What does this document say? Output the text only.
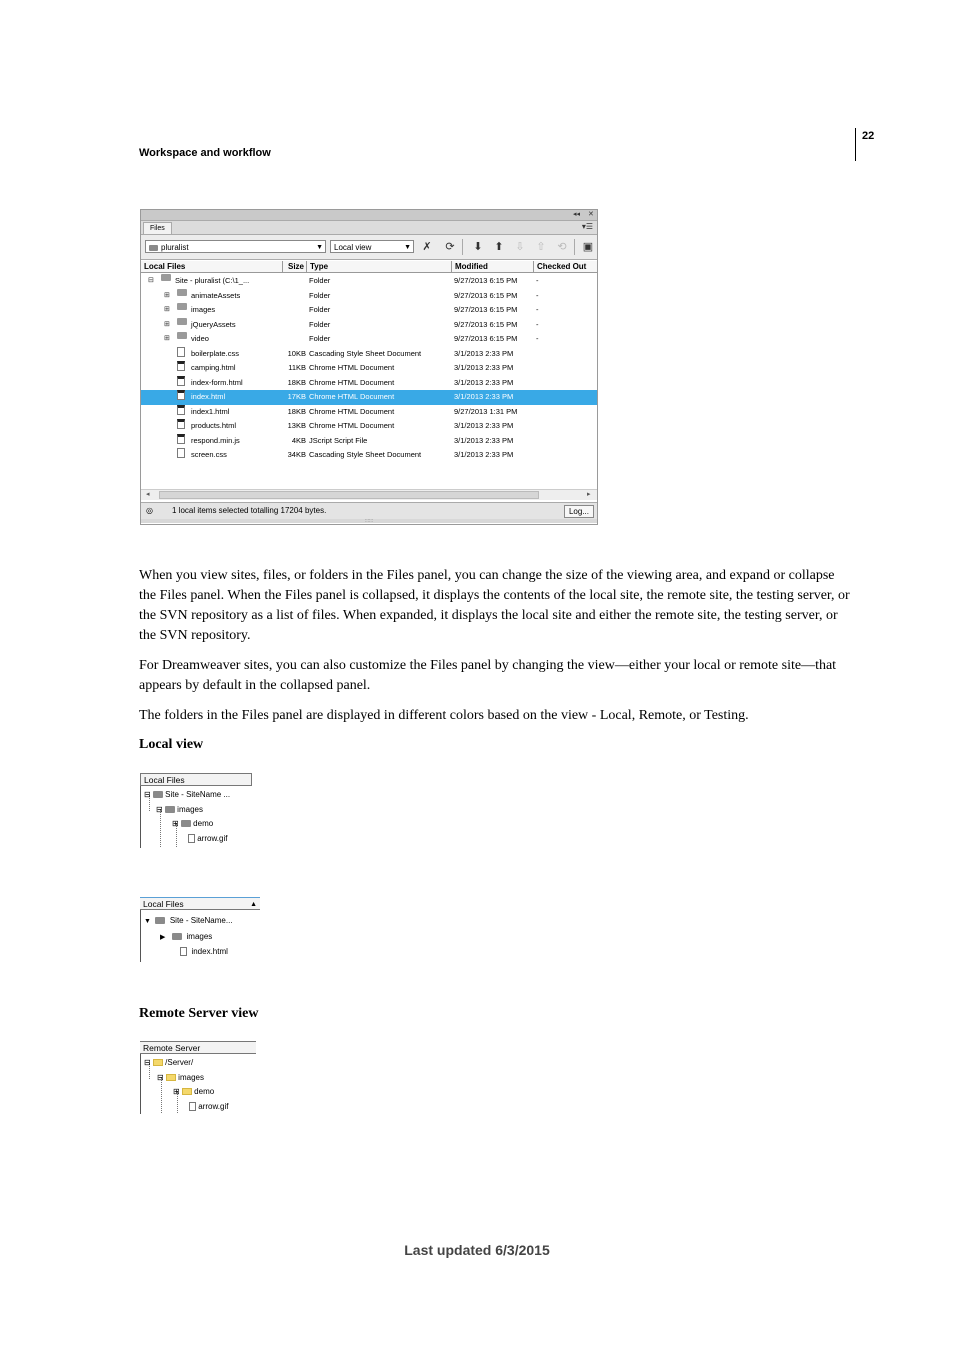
22
Workspace and workflow
◂◂ ✕
Files	▾☰
pluralist	▼	Local view	▼ ✗ ⟳ ⬇ ⬆ ⇩ ⇧ ⟲ ▣
Local Files	Size Type	Modified	Checked Out
⊟	Site - pluralist (C:\1_...	Folder	9/27/2013 6:15 PM -
⊞	animateAssets	Folder	9/27/2013 6:15 PM -
⊞	images	Folder	9/27/2013 6:15 PM -
⊞	jQueryAssets	Folder	9/27/2013 6:15 PM -
⊞	video	Folder	9/27/2013 6:15 PM -
boilerplate.css	10KB Cascading Style Sheet Document	3/1/2013 2:33 PM
camping.html	11KB Chrome HTML Document	3/1/2013 2:33 PM
index-form.html	18KB Chrome HTML Document	3/1/2013 2:33 PM
index.html	17KB Chrome HTML Document	3/1/2013 2:33 PM
index1.html	18KB Chrome HTML Document	9/27/2013 1:31 PM
products.html	13KB Chrome HTML Document	3/1/2013 2:33 PM
respond.min.js	4KB JScript Script File	3/1/2013 2:33 PM
screen.css	34KB Cascading Style Sheet Document	3/1/2013 2:33 PM
◂	▸
◎ 1 local items selected totalling 17204 bytes.	Log...
::::::
When you view sites, files, or folders in the Files panel, you can change the size of the viewing area, and expand or collapse the Files panel. When the Files panel is collapsed, it displays the contents of the local site, the remote site, the testing server, or the SVN repository as a list of files. When expanded, it displays the local site and either the remote site, the testing server, or the SVN repository.
For Dreamweaver sites, you can also customize the Files panel by changing the view—either your local or remote site—that appears by default in the collapsed panel.
The folders in the Files panel are displayed in different colors based on the view - Local, Remote, or Testing.
Local view
Local Files
⊟  Site - SiteName ...
⊟  images
⊞  demo
arrow.gif
Local Files	▲
▼ Site - SiteName...
▶	images
index.html
Remote Server view
Remote Server
⊟  /Server/
⊟  images
⊞  demo
arrow.gif
Last updated 6/3/2015
